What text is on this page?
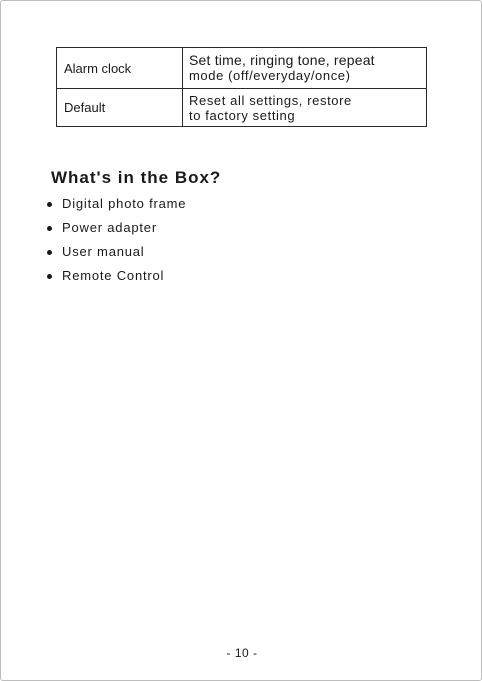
Alarm clock	Set time, ringing tone, repeat
mode (off/everyday/once)

Default	Reset all settings, restore
to factory setting
What's in the Box?
Digital photo frame
Power adapter
User manual
Remote Control
- 10 -
